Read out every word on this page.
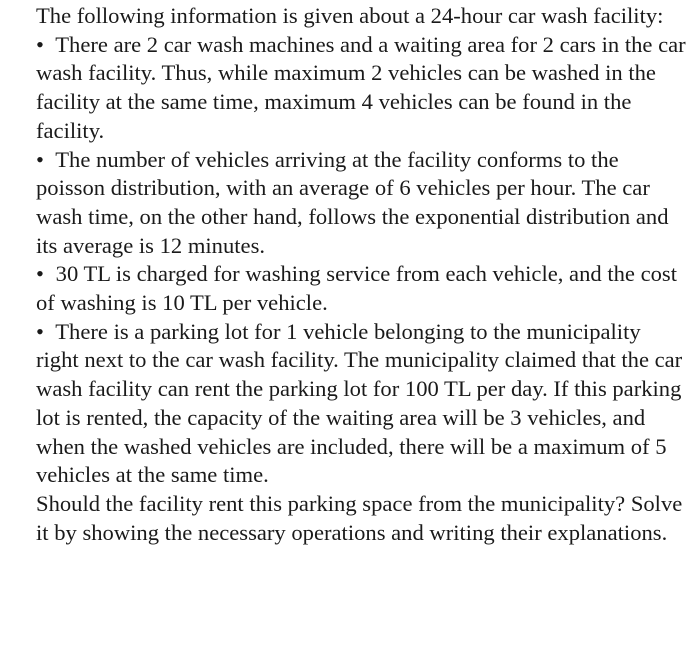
The following information is given about a 24-hour car wash facility:

• There are 2 car wash machines and a waiting area for 2 cars in the car wash facility. Thus, while maximum 2 vehicles can be washed in the facility at the same time, maximum 4 vehicles can be found in the facility.

• The number of vehicles arriving at the facility conforms to the poisson distribution, with an average of 6 vehicles per hour. The car wash time, on the other hand, follows the exponential distribution and its average is 12 minutes.

• 30 TL is charged for washing service from each vehicle, and the cost of washing is 10 TL per vehicle.

• There is a parking lot for 1 vehicle belonging to the municipality right next to the car wash facility. The municipality claimed that the car wash facility can rent the parking lot for 100 TL per day. If this parking lot is rented, the capacity of the waiting area will be 3 vehicles, and when the washed vehicles are included, there will be a maximum of 5 vehicles at the same time.

Should the facility rent this parking space from the municipality? Solve it by showing the necessary operations and writing their explanations.
